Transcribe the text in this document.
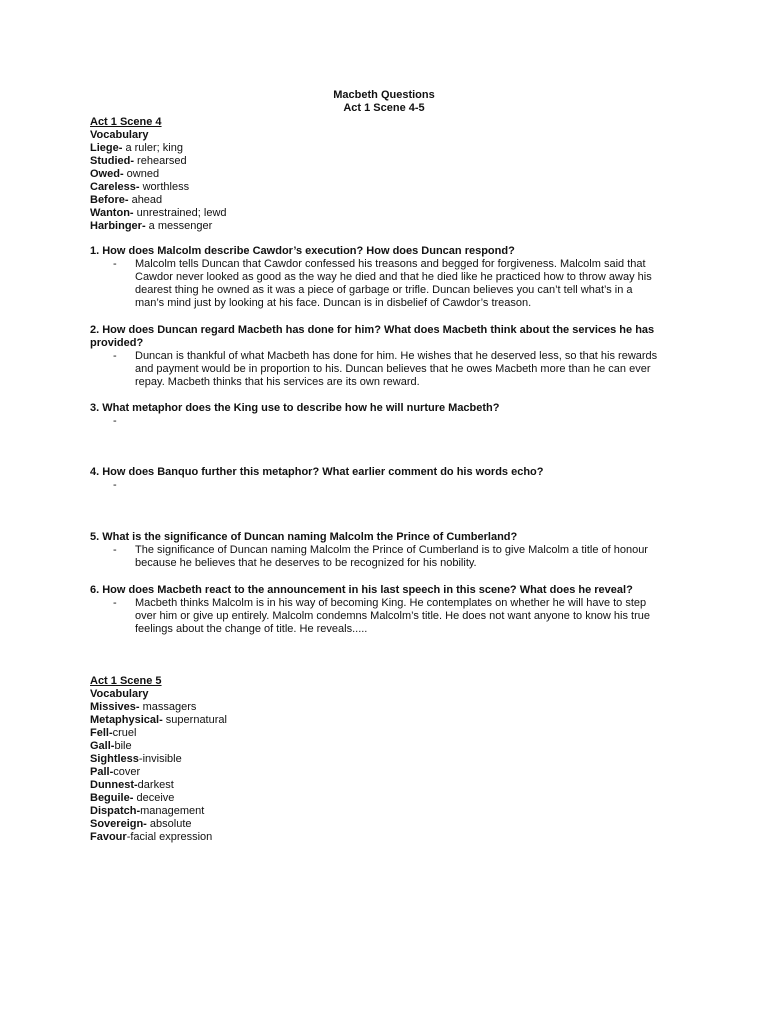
Macbeth Questions
Act 1 Scene 4-5
Act 1 Scene 4
Vocabulary
Liege- a ruler; king
Studied- rehearsed
Owed- owned
Careless- worthless
Before- ahead
Wanton- unrestrained; lewd
Harbinger- a messenger
1. How does Malcolm describe Cawdor’s execution? How does Duncan respond?
- Malcolm tells Duncan that Cawdor confessed his treasons and begged for forgiveness. Malcolm said that
Cawdor never looked as good as the way he died and that he died like he practiced how to throw away his
dearest thing he owned as it was a piece of garbage or trifle. Duncan believes you can’t tell what’s in a
man’s mind just by looking at his face. Duncan is in disbelief of Cawdor’s treason.
2. How does Duncan regard Macbeth has done for him? What does Macbeth think about the services he has
provided?
- Duncan is thankful of what Macbeth has done for him. He wishes that he deserved less, so that his rewards
and payment would be in proportion to his. Duncan believes that he owes Macbeth more than he can ever
repay. Macbeth thinks that his services are its own reward.
3. What metaphor does the King use to describe how he will nurture Macbeth?
-

4. How does Banquo further this metaphor? What earlier comment do his words echo?
-

5. What is the significance of Duncan naming Malcolm the Prince of Cumberland?
- The significance of Duncan naming Malcolm the Prince of Cumberland is to give Malcolm a title of honour
because he believes that he deserves to be recognized for his nobility.
6. How does Macbeth react to the announcement in his last speech in this scene? What does he reveal?
- Macbeth thinks Malcolm is in his way of becoming King. He contemplates on whether he will have to step
over him or give up entirely. Malcolm condemns Malcolm’s title. He does not want anyone to know his true
feelings about the change of title. He reveals.....
Act 1 Scene 5
Vocabulary
Missives- massagers
Metaphysical- supernatural
Fell-cruel
Gall-bile
Sightless-invisible
Pall-cover
Dunnest-darkest
Beguile- deceive
Dispatch-management
Sovereign- absolute
Favour-facial expression
